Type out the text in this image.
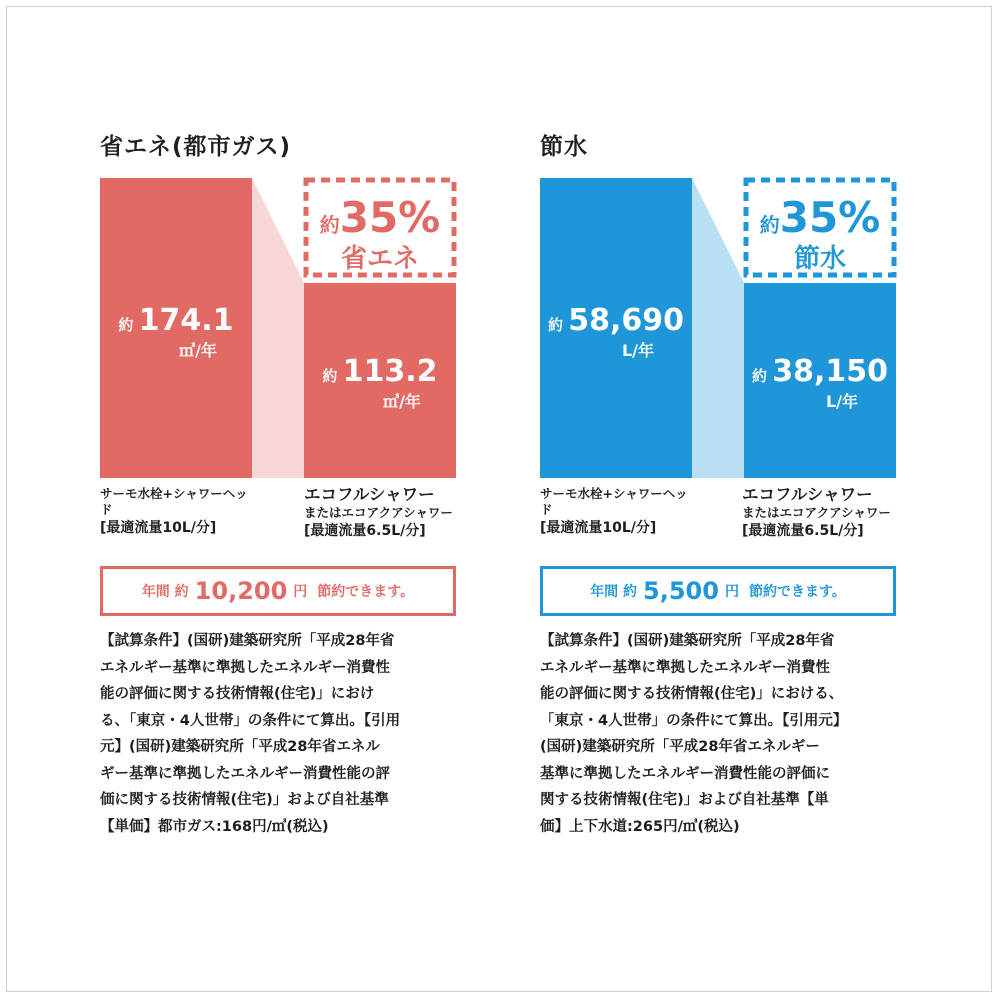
省エネ(都市ガス)
約 174.1
㎥/年
約 113.2
㎥/年
約35%
省エネ
サーモ水栓+シャワーヘッド
[最適流量10L/分]
エコフルシャワー
またはエコアクアシャワー
[最適流量6.5L/分]
年間 約 10,200 円 節約できます。
【試算条件】(国研)建築研究所「平成28年省
エネルギー基準に準拠したエネルギー消費性
能の評価に関する技術情報(住宅)」におけ
る、「東京・4人世帯」の条件にて算出。【引用
元】(国研)建築研究所「平成28年省エネル
ギー基準に準拠したエネルギー消費性能の評
価に関する技術情報(住宅)」および自社基準
【単価】都市ガス:168円/㎥(税込)
節水
約 58,690
L/年
約 38,150
L/年
約35%
節水
サーモ水栓+シャワーヘッド
[最適流量10L/分]
エコフルシャワー
またはエコアクアシャワー
[最適流量6.5L/分]
年間 約 5,500 円 節約できます。
【試算条件】(国研)建築研究所「平成28年省
エネルギー基準に準拠したエネルギー消費性
能の評価に関する技術情報(住宅)」における、
「東京・4人世帯」の条件にて算出。【引用元】
(国研)建築研究所「平成28年省エネルギー
基準に準拠したエネルギー消費性能の評価に
関する技術情報(住宅)」および自社基準【単
価】上下水道:265円/㎥(税込)
